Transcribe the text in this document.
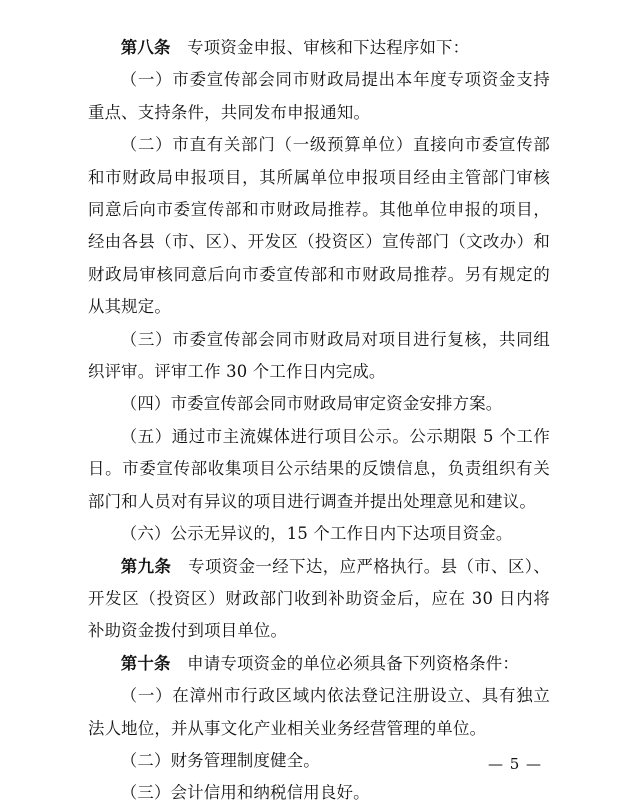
第八条　 专项资金申报、审核和下达程序如下：

（一）市委宣传部会同市财政局提出本年度专项资金支持重点、支持条件，共同发布申报通知。

（二）市直有关部门（一级预算单位）直接向市委宣传部和市财政局申报项目，其所属单位申报项目经由主管部门审核同意后向市委宣传部和市财政局推荐。其他单位申报的项目，经由各县（市、区）、开发区（投资区）宣传部门（文改办）和财政局审核同意后向市委宣传部和市财政局推荐。另有规定的从其规定。

（三）市委宣传部会同市财政局对项目进行复核，共同组织评审。评审工作 30 个工作日内完成。

（四）市委宣传部会同市财政局审定资金安排方案。

（五）通过市主流媒体进行项目公示。公示期限 5 个工作日。市委宣传部收集项目公示结果的反馈信息，负责组织有关部门和人员对有异议的项目进行调查并提出处理意见和建议。

（六）公示无异议的，15 个工作日内下达项目资金。

第九条　 专项资金一经下达，应严格执行。县（市、区）、开发区（投资区）财政部门收到补助资金后，应在 30 日内将补助资金拨付到项目单位。

第十条　 申请专项资金的单位必须具备下列资格条件：

（一）在漳州市行政区域内依法登记注册设立、具有独立法人地位，并从事文化产业相关业务经营管理的单位。

（二）财务管理制度健全。

（三）会计信用和纳税信用良好。

— 5 —
